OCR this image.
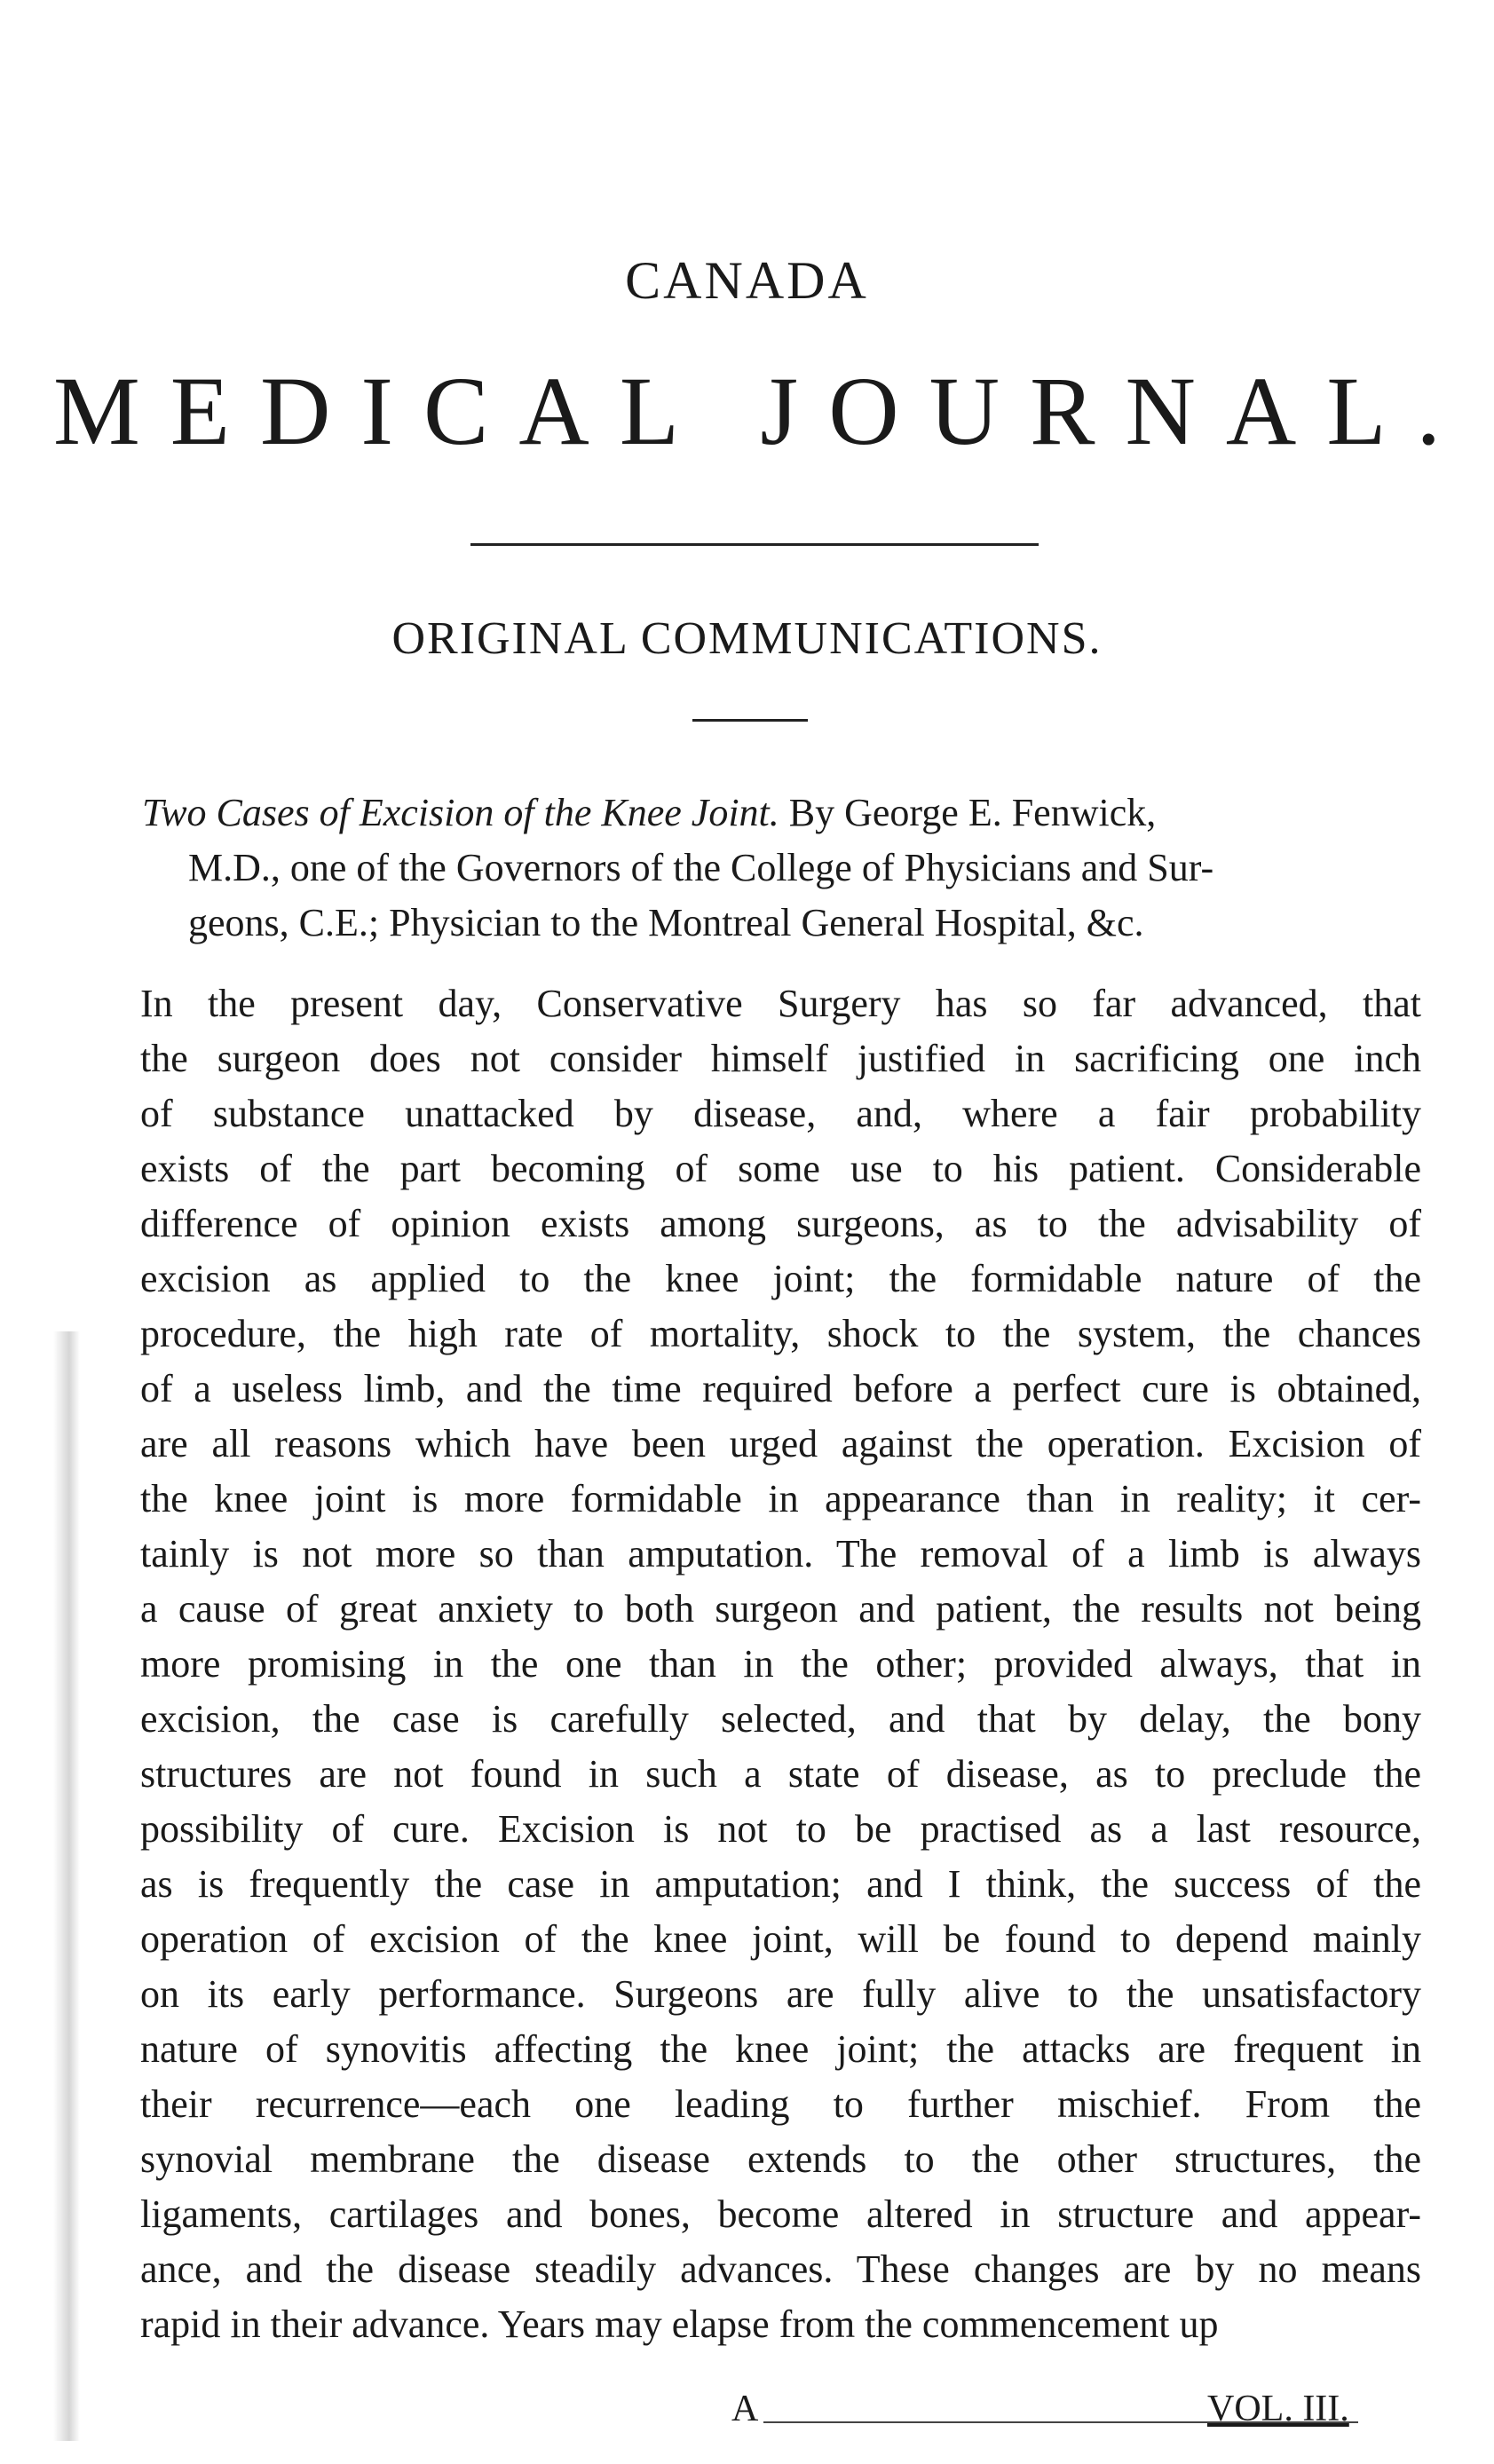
CANADA
MEDICAL JOURNAL.
ORIGINAL COMMUNICATIONS.
Two Cases of Excision of the Knee Joint. By George E. Fenwick,
M.D., one of the Governors of the College of Physicians and Sur-
geons, C.E.; Physician to the Montreal General Hospital, &c.
In the present day, Conservative Surgery has so far advanced, that
the surgeon does not consider himself justified in sacrificing one inch
of substance unattacked by disease, and, where a fair probability
exists of the part becoming of some use to his patient. Considerable
difference of opinion exists among surgeons, as to the advisability of
excision as applied to the knee joint; the formidable nature of the
procedure, the high rate of mortality, shock to the system, the chances
of a useless limb, and the time required before a perfect cure is obtained,
are all reasons which have been urged against the operation. Excision of
the knee joint is more formidable in appearance than in reality; it cer-
tainly is not more so than amputation. The removal of a limb is always
a cause of great anxiety to both surgeon and patient, the results not being
more promising in the one than in the other; provided always, that in
excision, the case is carefully selected, and that by delay, the bony
structures are not found in such a state of disease, as to preclude the
possibility of cure. Excision is not to be practised as a last resource,
as is frequently the case in amputation; and I think, the success of the
operation of excision of the knee joint, will be found to depend mainly
on its early performance. Surgeons are fully alive to the unsatisfactory
nature of synovitis affecting the knee joint; the attacks are frequent in
their recurrence—each one leading to further mischief. From the
synovial membrane the disease extends to the other structures, the
ligaments, cartilages and bones, become altered in structure and appear-
ance, and the disease steadily advances. These changes are by no means
rapid in their advance. Years may elapse from the commencement up
A	VOL. III.
